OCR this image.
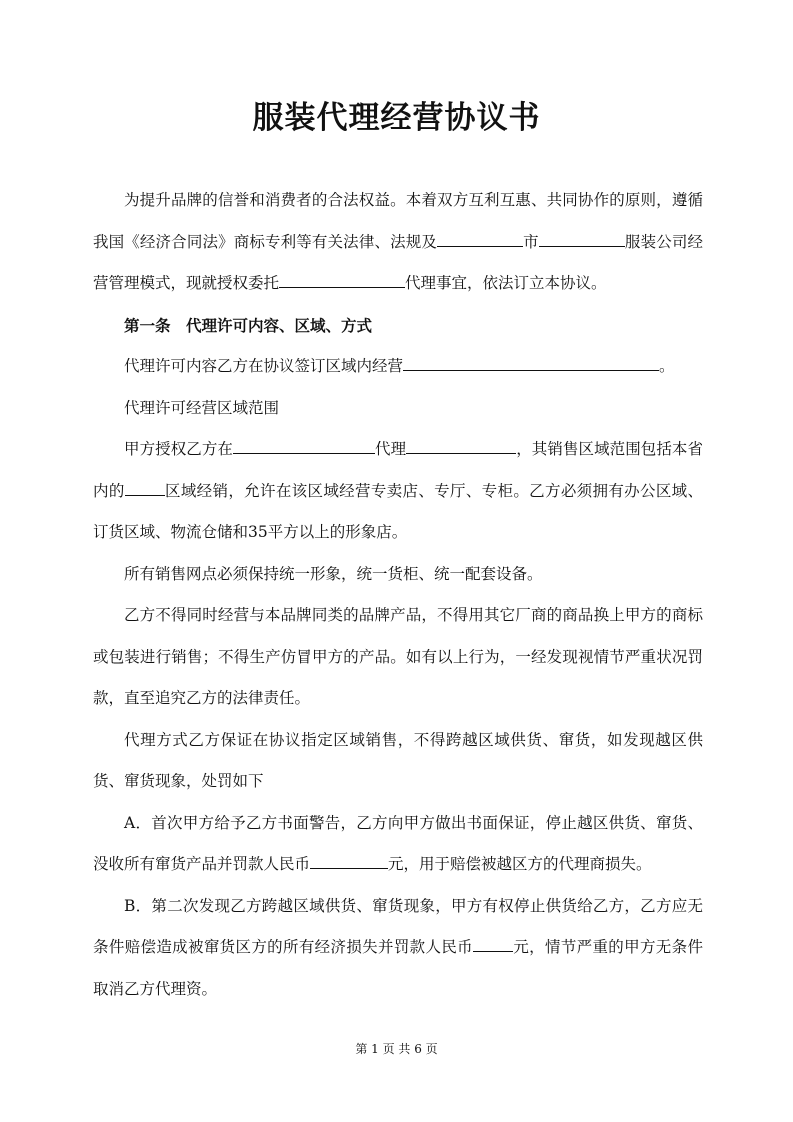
服装代理经营协议书

为提升品牌的信誉和消费者的合法权益。本着双方互利互惠、共同协作的原则，遵循我国《经济合同法》商标专利等有关法律、法规及	市	服装公司经营管理模式，现就授权委托	代理事宜，依法订立本协议。

第一条　代理许可内容、区域、方式

代理许可内容乙方在协议签订区域内经营	。

代理许可经营区域范围

甲方授权乙方在	代理	，其销售区域范围包括本省内的	区域经销，允许在该区域经营专卖店、专厅、专柜。乙方必须拥有办公区域、订货区域、物流仓储和35平方以上的形象店。

所有销售网点必须保持统一形象，统一货柜、统一配套设备。

乙方不得同时经营与本品牌同类的品牌产品，不得用其它厂商的商品换上甲方的商标或包装进行销售；不得生产仿冒甲方的产品。如有以上行为，一经发现视情节严重状况罚款，直至追究乙方的法律责任。

代理方式乙方保证在协议指定区域销售，不得跨越区域供货、窜货，如发现越区供货、窜货现象，处罚如下

A．首次甲方给予乙方书面警告，乙方向甲方做出书面保证，停止越区供货、窜货、没收所有窜货产品并罚款人民币	元，用于赔偿被越区方的代理商损失。

B．第二次发现乙方跨越区域供货、窜货现象，甲方有权停止供货给乙方，乙方应无条件赔偿造成被窜货区方的所有经济损失并罚款人民币	元，情节严重的甲方无条件取消乙方代理资。

第 1 页 共 6 页
